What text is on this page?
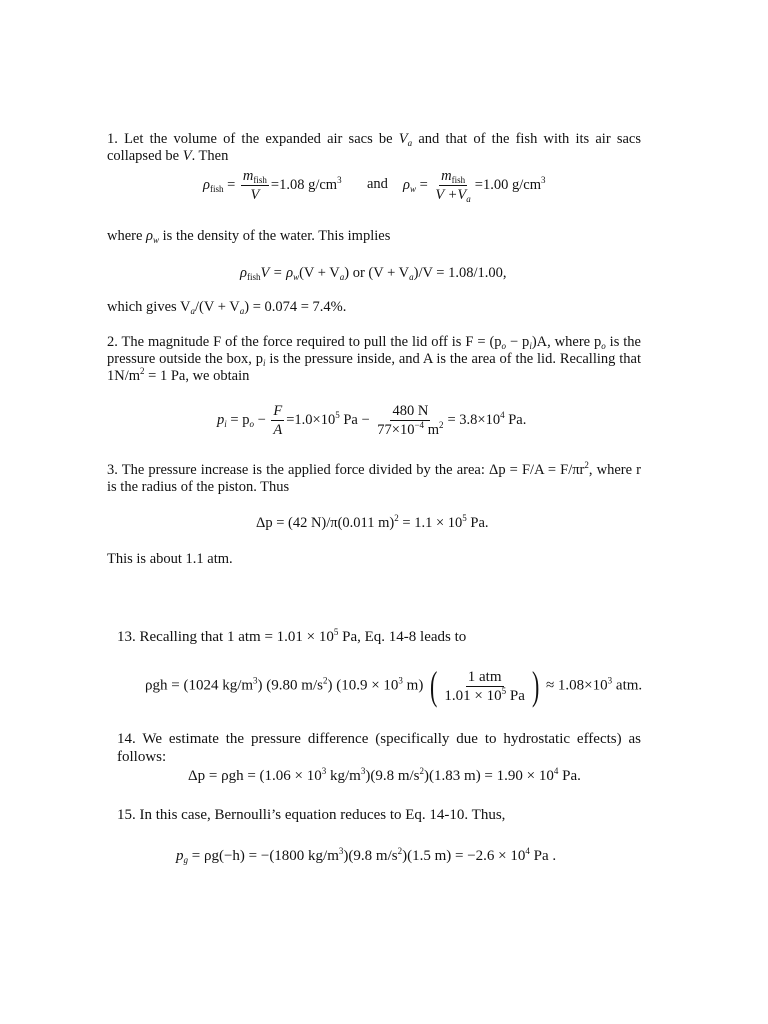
1. Let the volume of the expanded air sacs be $V_a$ and that of the fish with its air sacs collapsed be V. Then
$\rho_{fish} = \frac{m_{fish}}{V} =1.08$ $g/cm^3$ and $\rho_w = \frac{m_{fish}}{V +V_a} =1.00$ $g/cm^3$
where $\rho_w$ is the density of the water. This implies
$\rho_{fish}V = \rho_w(V + V_a)$ or $(V + V_a)/V = 1.08/1.00$,
which gives $V_a/(V + V_a) = 0.074 = 7.4\%$.
2. The magnitude F of the force required to pull the lid off is $F = (p_o - p_i)A$, where $p_o$ is the pressure outside the box, $p_i$ is the pressure inside, and A is the area of the lid. Recalling that $1N/m^2 = 1$ Pa, we obtain
$p_i = p_o - \frac{F}{A} =1.0\times 10^5$ $Pa - \frac{480 N}{77\times 10^{-4} m^2} = 3.8\times 10^4$ Pa.
3. The pressure increase is the applied force divided by the area: $\Delta p = F/A = F/\pi r^2$, where r is the radius of the piston. Thus
Δp = (42 N)/π(0.011 $m)^2 = 1.1 \times 10^5$ Pa.
This is about 1.1 atm.
13. Recalling that 1 atm = $1.01 \times 10^5$ Pa, Eq. 14-8 leads to
ρgh = (1024 $kg/m^3$) (9.80 $m/s^2$) ($10.9 \times 10^3$ m) ( $\frac{\text{1 atm}}{1.01 \times 10^5 Pa}$ ) ≈ $1.08\times 10^3$ atm.
14. We estimate the pressure difference (specifically due to hydrostatic effects) as follows:
$\Delta p = \rho gh = (1.06 \times 10^3$ $kg/m^3)(9.8$ $m/s^2)(1.83$ $m) = 1.90 \times 10^4$ Pa.
15. In this case, Bernoulli’s equation reduces to Eq. 14-10. Thus,
$p_g = \rho g(-h) = -(1800$ $kg/m^3)(9.8$ $m/s^2)(1.5$ $m) = -2.6 \times 10^4$ Pa .
